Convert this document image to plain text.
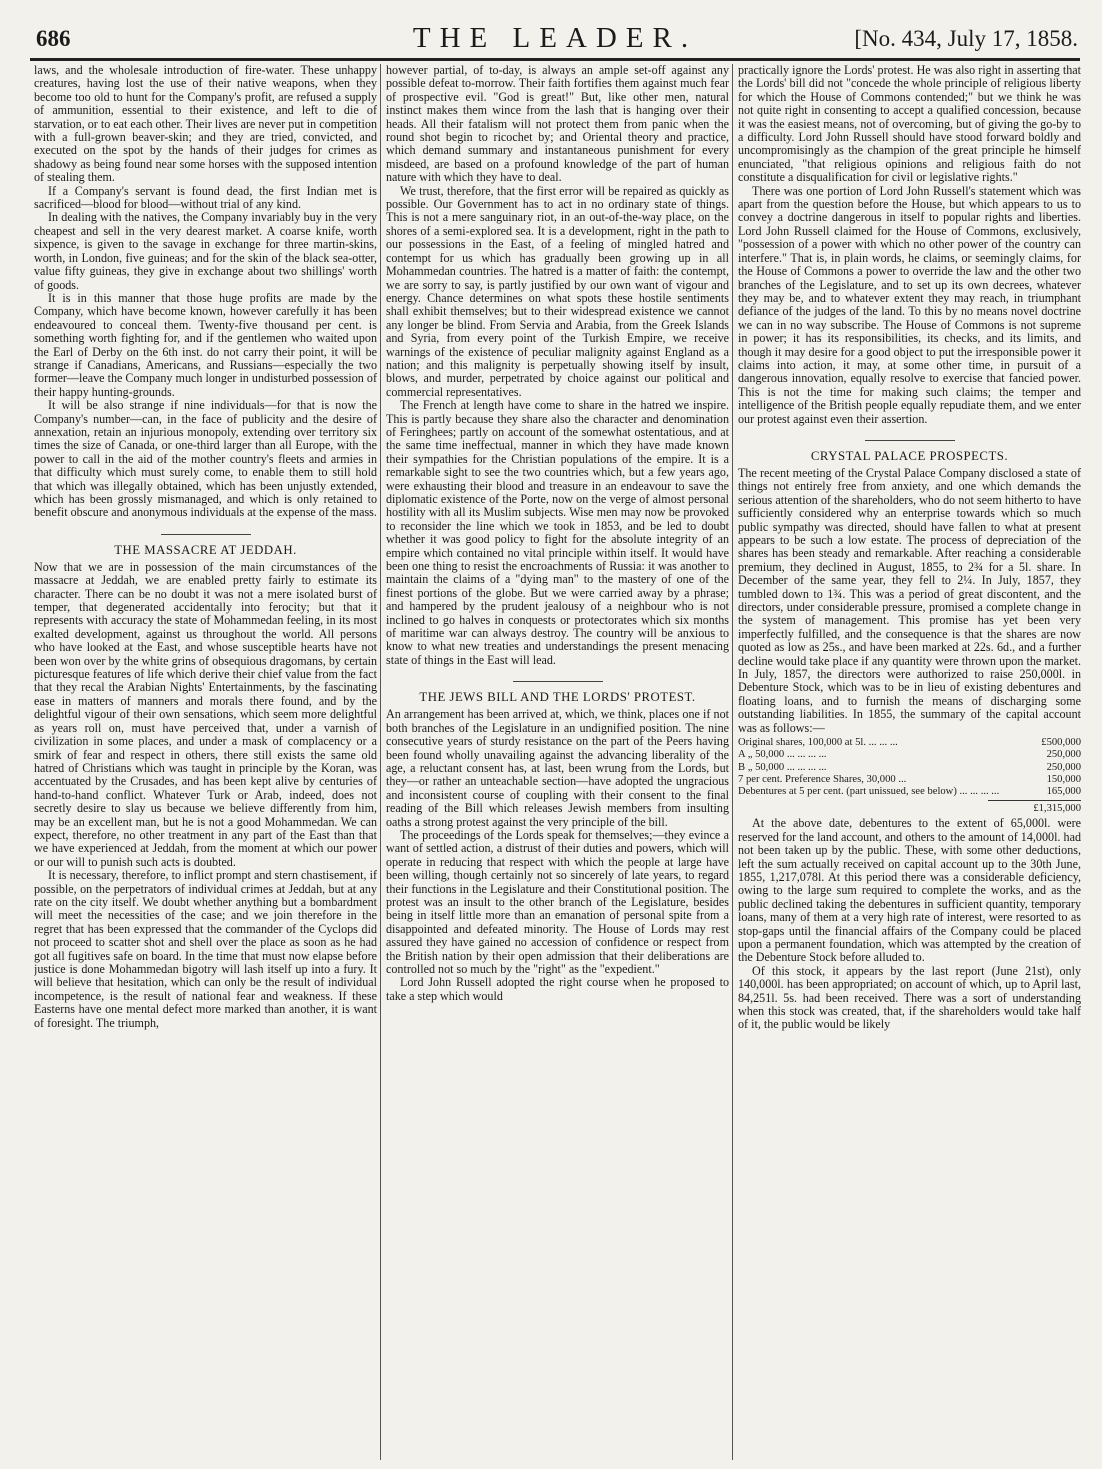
686	THE LEADER.	[No. 434, July 17, 1858.

laws, and the wholesale introduction of fire-water. These unhappy creatures, having lost the use of their native weapons, when they become too old to hunt for the Company's profit, are refused a supply of ammunition, essential to their existence, and left to die of starvation, or to eat each other. Their lives are never put in competition with a full-grown beaver-skin; and they are tried, convicted, and executed on the spot by the hands of their judges for crimes as shadowy as being found near some horses with the supposed intention of stealing them.

If a Company's servant is found dead, the first Indian met is sacrificed—blood for blood—without trial of any kind.

In dealing with the natives, the Company invariably buy in the very cheapest and sell in the very dearest market. A coarse knife, worth sixpence, is given to the savage in exchange for three martin-skins, worth, in London, five guineas; and for the skin of the black sea-otter, value fifty guineas, they give in exchange about two shillings' worth of goods.

It is in this manner that those huge profits are made by the Company, which have become known, however carefully it has been endeavoured to conceal them. Twenty-five thousand per cent. is something worth fighting for, and if the gentlemen who waited upon the Earl of Derby on the 6th inst. do not carry their point, it will be strange if Canadians, Americans, and Russians—especially the two former—leave the Company much longer in undisturbed possession of their happy hunting-grounds.

It will be also strange if nine individuals—for that is now the Company's number—can, in the face of publicity and the desire of annexation, retain an injurious monopoly, extending over territory six times the size of Canada, or one-third larger than all Europe, with the power to call in the aid of the mother country's fleets and armies in that difficulty which must surely come, to enable them to still hold that which was illegally obtained, which has been unjustly extended, which has been grossly mismanaged, and which is only retained to benefit obscure and anonymous individuals at the expense of the mass.

THE MASSACRE AT JEDDAH.

Now that we are in possession of the main circumstances of the massacre at Jeddah, we are enabled pretty fairly to estimate its character. There can be no doubt it was not a mere isolated burst of temper, that degenerated accidentally into ferocity; but that it represents with accuracy the state of Mohammedan feeling, in its most exalted development, against us throughout the world. All persons who have looked at the East, and whose susceptible hearts have not been won over by the white grins of obsequious dragomans, by certain picturesque features of life which derive their chief value from the fact that they recal the Arabian Nights' Entertainments, by the fascinating ease in matters of manners and morals there found, and by the delightful vigour of their own sensations, which seem more delightful as years roll on, must have perceived that, under a varnish of civilization in some places, and under a mask of complacency or a smirk of fear and respect in others, there still exists the same old hatred of Christians which was taught in principle by the Koran, was accentuated by the Crusades, and has been kept alive by centuries of hand-to-hand conflict. Whatever Turk or Arab, indeed, does not secretly desire to slay us because we believe differently from him, may be an excellent man, but he is not a good Mohammedan. We can expect, therefore, no other treatment in any part of the East than that we have experienced at Jeddah, from the moment at which our power or our will to punish such acts is doubted.

It is necessary, therefore, to inflict prompt and stern chastisement, if possible, on the perpetrators of individual crimes at Jeddah, but at any rate on the city itself. We doubt whether anything but a bombardment will meet the necessities of the case; and we join therefore in the regret that has been expressed that the commander of the Cyclops did not proceed to scatter shot and shell over the place as soon as he had got all fugitives safe on board. In the time that must now elapse before justice is done Mohammedan bigotry will lash itself up into a fury. It will believe that hesitation, which can only be the result of individual incompetence, is the result of national fear and weakness. If these Easterns have one mental defect more marked than another, it is want of foresight. The triumph,

however partial, of to-day, is always an ample set-off against any possible defeat to-morrow. Their faith fortifies them against much fear of prospective evil. "God is great!" But, like other men, natural instinct makes them wince from the lash that is hanging over their heads. All their fatalism will not protect them from panic when the round shot begin to ricochet by; and Oriental theory and practice, which demand summary and instantaneous punishment for every misdeed, are based on a profound knowledge of the part of human nature with which they have to deal.

We trust, therefore, that the first error will be repaired as quickly as possible. Our Government has to act in no ordinary state of things. This is not a mere sanguinary riot, in an out-of-the-way place, on the shores of a semi-explored sea. It is a development, right in the path to our possessions in the East, of a feeling of mingled hatred and contempt for us which has gradually been growing up in all Mohammedan countries. The hatred is a matter of faith: the contempt, we are sorry to say, is partly justified by our own want of vigour and energy. Chance determines on what spots these hostile sentiments shall exhibit themselves; but to their widespread existence we cannot any longer be blind. From Servia and Arabia, from the Greek Islands and Syria, from every point of the Turkish Empire, we receive warnings of the existence of peculiar malignity against England as a nation; and this malignity is perpetually showing itself by insult, blows, and murder, perpetrated by choice against our political and commercial representatives.

The French at length have come to share in the hatred we inspire. This is partly because they share also the character and denomination of Feringhees; partly on account of the somewhat ostentatious, and at the same time ineffectual, manner in which they have made known their sympathies for the Christian populations of the empire. It is a remarkable sight to see the two countries which, but a few years ago, were exhausting their blood and treasure in an endeavour to save the diplomatic existence of the Porte, now on the verge of almost personal hostility with all its Muslim subjects. Wise men may now be provoked to reconsider the line which we took in 1853, and be led to doubt whether it was good policy to fight for the absolute integrity of an empire which contained no vital principle within itself. It would have been one thing to resist the encroachments of Russia: it was another to maintain the claims of a "dying man" to the mastery of one of the finest portions of the globe. But we were carried away by a phrase; and hampered by the prudent jealousy of a neighbour who is not inclined to go halves in conquests or protectorates which six months of maritime war can always destroy. The country will be anxious to know to what new treaties and understandings the present menacing state of things in the East will lead.

THE JEWS BILL AND THE LORDS' PROTEST.

An arrangement has been arrived at, which, we think, places one if not both branches of the Legislature in an undignified position. The nine consecutive years of sturdy resistance on the part of the Peers having been found wholly unavailing against the advancing liberality of the age, a reluctant consent has, at last, been wrung from the Lords, but they—or rather an unteachable section—have adopted the ungracious and inconsistent course of coupling with their consent to the final reading of the Bill which releases Jewish members from insulting oaths a strong protest against the very principle of the bill.

The proceedings of the Lords speak for themselves;—they evince a want of settled action, a distrust of their duties and powers, which will operate in reducing that respect with which the people at large have been willing, though certainly not so sincerely of late years, to regard their functions in the Legislature and their Constitutional position. The protest was an insult to the other branch of the Legislature, besides being in itself little more than an emanation of personal spite from a disappointed and defeated minority. The House of Lords may rest assured they have gained no accession of confidence or respect from the British nation by their open admission that their deliberations are controlled not so much by the "right" as the "expedient."

Lord John Russell adopted the right course when he proposed to take a step which would

practically ignore the Lords' protest. He was also right in asserting that the Lords' bill did not "concede the whole principle of religious liberty for which the House of Commons contended;" but we think he was not quite right in consenting to accept a qualified concession, because it was the easiest means, not of overcoming, but of giving the go-by to a difficulty. Lord John Russell should have stood forward boldly and uncompromisingly as the champion of the great principle he himself enunciated, "that religious opinions and religious faith do not constitute a disqualification for civil or legislative rights."

There was one portion of Lord John Russell's statement which was apart from the question before the House, but which appears to us to convey a doctrine dangerous in itself to popular rights and liberties. Lord John Russell claimed for the House of Commons, exclusively, "possession of a power with which no other power of the country can interfere." That is, in plain words, he claims, or seemingly claims, for the House of Commons a power to override the law and the other two branches of the Legislature, and to set up its own decrees, whatever they may be, and to whatever extent they may reach, in triumphant defiance of the judges of the land. To this by no means novel doctrine we can in no way subscribe. The House of Commons is not supreme in power; it has its responsibilities, its checks, and its limits, and though it may desire for a good object to put the irresponsible power it claims into action, it may, at some other time, in pursuit of a dangerous innovation, equally resolve to exercise that fancied power. This is not the time for making such claims; the temper and intelligence of the British people equally repudiate them, and we enter our protest against even their assertion.

CRYSTAL PALACE PROSPECTS.

The recent meeting of the Crystal Palace Company disclosed a state of things not entirely free from anxiety, and one which demands the serious attention of the shareholders, who do not seem hitherto to have sufficiently considered why an enterprise towards which so much public sympathy was directed, should have fallen to what at present appears to be such a low estate. The process of depreciation of the shares has been steady and remarkable. After reaching a considerable premium, they declined in August, 1855, to 2¾ for a 5l. share. In December of the same year, they fell to 2¼. In July, 1857, they tumbled down to 1¾. This was a period of great discontent, and the directors, under considerable pressure, promised a complete change in the system of management. This promise has yet been very imperfectly fulfilled, and the consequence is that the shares are now quoted as low as 25s., and have been marked at 22s. 6d., and a further decline would take place if any quantity were thrown upon the market. In July, 1857, the directors were authorized to raise 250,000l. in Debenture Stock, which was to be in lieu of existing debentures and floating loans, and to furnish the means of discharging some outstanding liabilities. In 1855, the summary of the capital account was as follows:—

Original shares, 100,000 at 5l. ... ... ...	£500,000
A „ 50,000 ... ... ... ...	250,000
B „ 50,000 ... ... ... ...	250,000
7 per cent. Preference Shares, 30,000 ...	150,000
Debentures at 5 per cent. (part unissued, see below) ... ... ... ...	165,000
£1,315,000

At the above date, debentures to the extent of 65,000l. were reserved for the land account, and others to the amount of 14,000l. had not been taken up by the public. These, with some other deductions, left the sum actually received on capital account up to the 30th June, 1855, 1,217,078l. At this period there was a considerable deficiency, owing to the large sum required to complete the works, and as the public declined taking the debentures in sufficient quantity, temporary loans, many of them at a very high rate of interest, were resorted to as stop-gaps until the financial affairs of the Company could be placed upon a permanent foundation, which was attempted by the creation of the Debenture Stock before alluded to.

Of this stock, it appears by the last report (June 21st), only 140,000l. has been appropriated; on account of which, up to April last, 84,251l. 5s. had been received. There was a sort of understanding when this stock was created, that, if the shareholders would take half of it, the public would be likely
